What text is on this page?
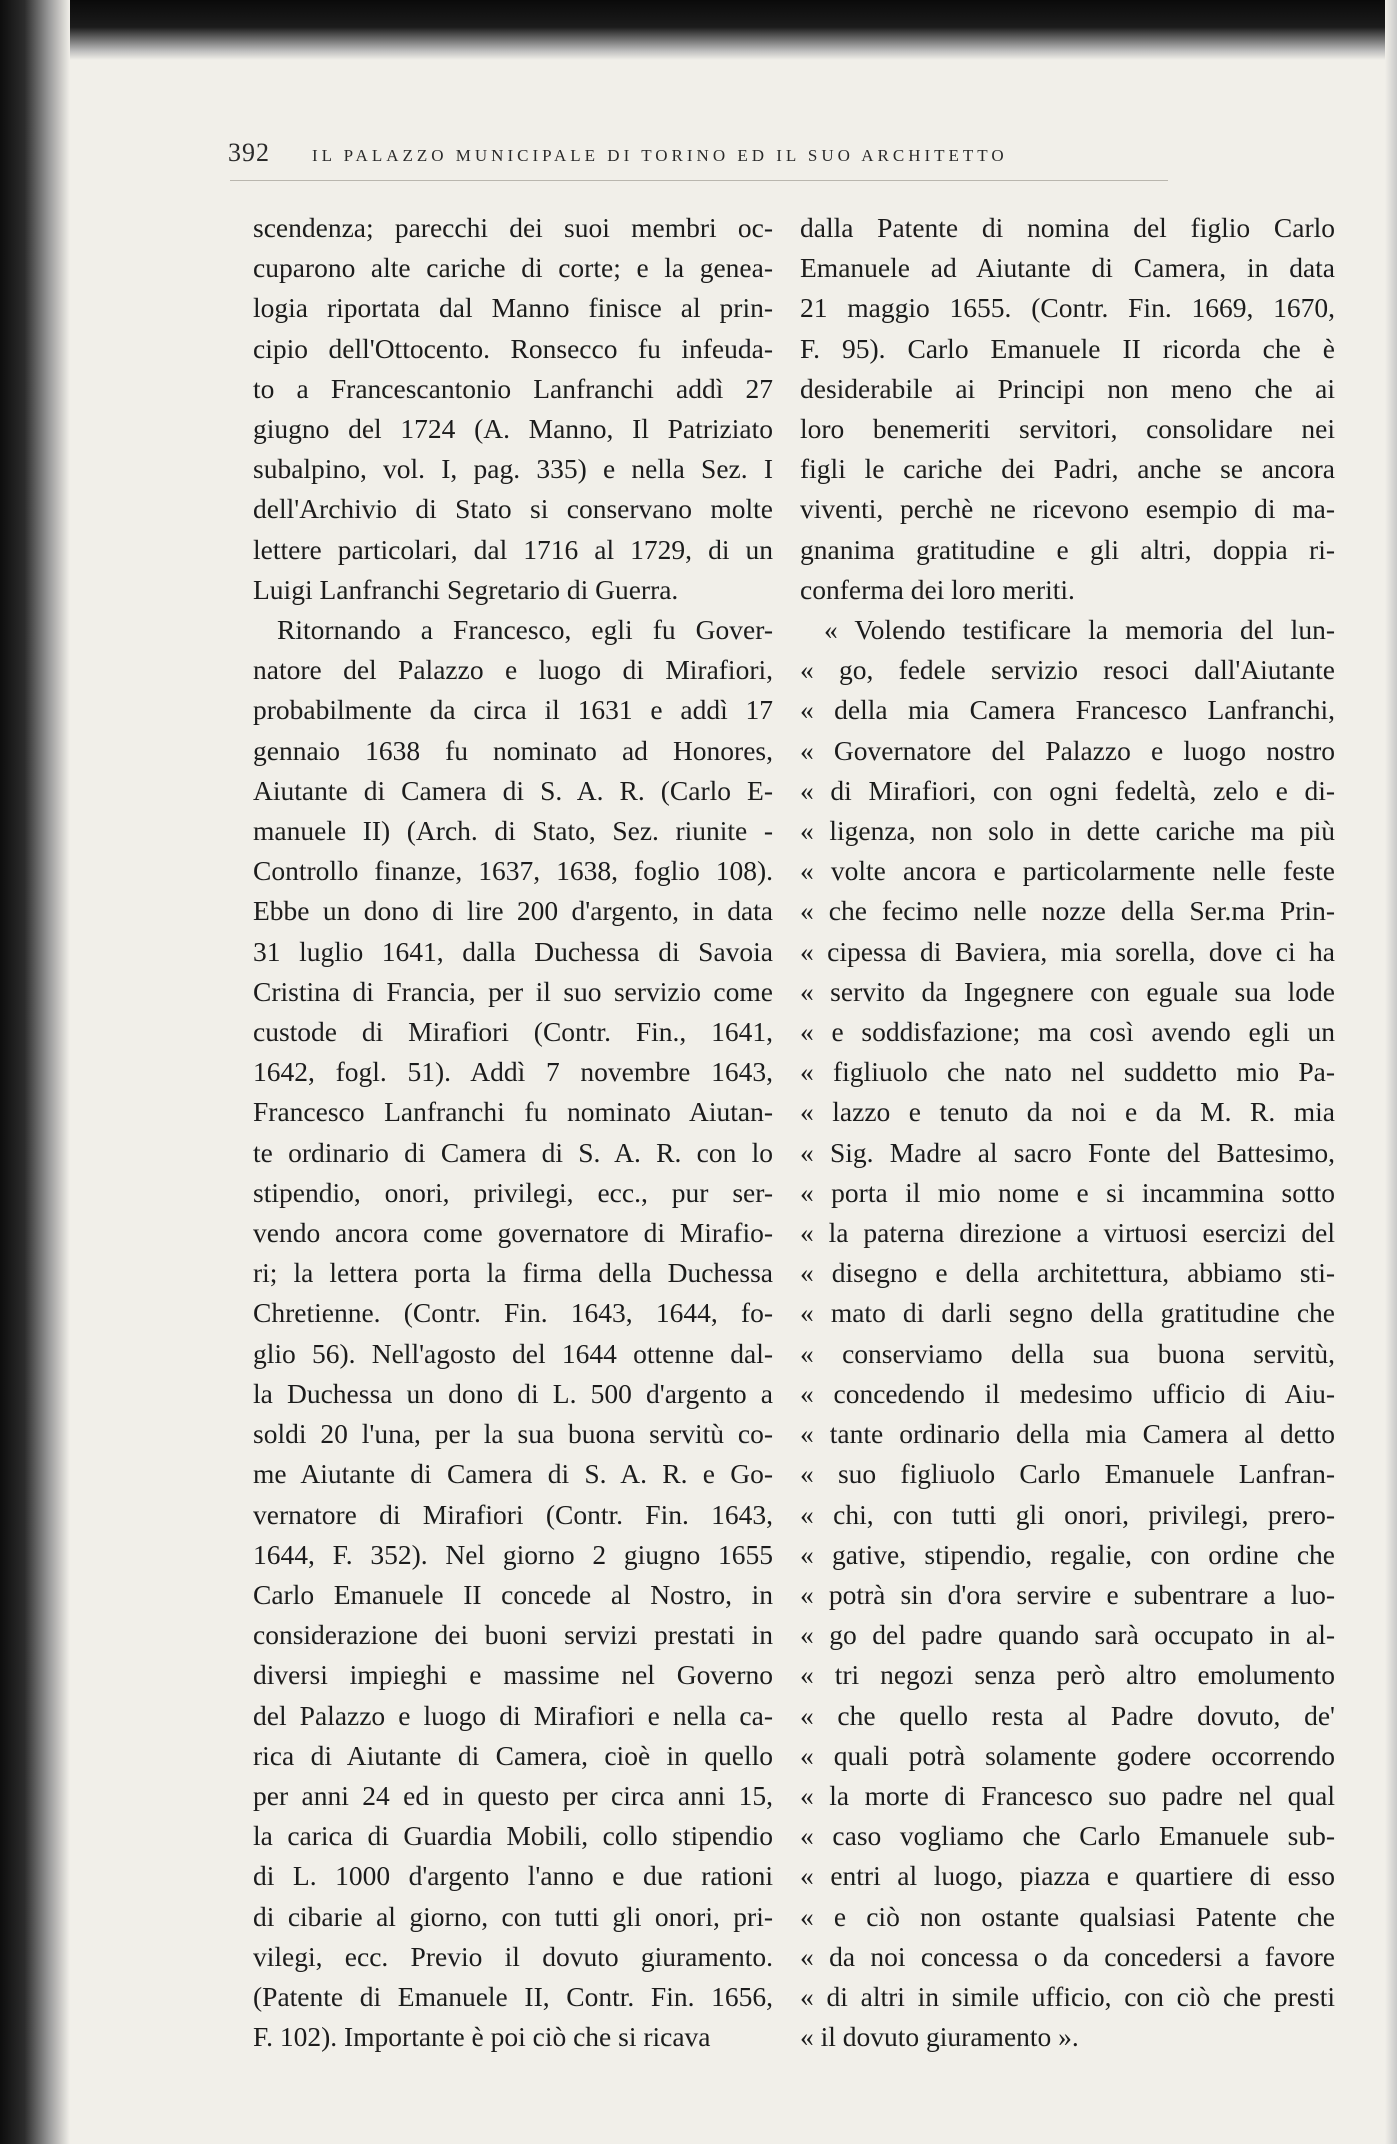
392 IL PALAZZO MUNICIPALE DI TORINO ED IL SUO ARCHITETTO
scendenza; parecchi dei suoi membri oc-
cuparono alte cariche di corte; e la genea-
logia riportata dal Manno finisce al prin-
cipio dell'Ottocento. Ronsecco fu infeuda-
to a Francescantonio Lanfranchi addì 27
giugno del 1724 (A. Manno, Il Patriziato
subalpino, vol. I, pag. 335) e nella Sez. I
dell'Archivio di Stato si conservano molte
lettere particolari, dal 1716 al 1729, di un
Luigi Lanfranchi Segretario di Guerra.
Ritornando a Francesco, egli fu Gover-
natore del Palazzo e luogo di Mirafiori,
probabilmente da circa il 1631 e addì 17
gennaio 1638 fu nominato ad Honores,
Aiutante di Camera di S. A. R. (Carlo E-
manuele II) (Arch. di Stato, Sez. riunite -
Controllo finanze, 1637, 1638, foglio 108).
Ebbe un dono di lire 200 d'argento, in data
31 luglio 1641, dalla Duchessa di Savoia
Cristina di Francia, per il suo servizio come
custode di Mirafiori (Contr. Fin., 1641,
1642, fogl. 51). Addì 7 novembre 1643,
Francesco Lanfranchi fu nominato Aiutan-
te ordinario di Camera di S. A. R. con lo
stipendio, onori, privilegi, ecc., pur ser-
vendo ancora come governatore di Mirafio-
ri; la lettera porta la firma della Duchessa
Chretienne. (Contr. Fin. 1643, 1644, fo-
glio 56). Nell'agosto del 1644 ottenne dal-
la Duchessa un dono di L. 500 d'argento a
soldi 20 l'una, per la sua buona servitù co-
me Aiutante di Camera di S. A. R. e Go-
vernatore di Mirafiori (Contr. Fin. 1643,
1644, F. 352). Nel giorno 2 giugno 1655
Carlo Emanuele II concede al Nostro, in
considerazione dei buoni servizi prestati in
diversi impieghi e massime nel Governo
del Palazzo e luogo di Mirafiori e nella ca-
rica di Aiutante di Camera, cioè in quello
per anni 24 ed in questo per circa anni 15,
la carica di Guardia Mobili, collo stipendio
di L. 1000 d'argento l'anno e due rationi
di cibarie al giorno, con tutti gli onori, pri-
vilegi, ecc. Previo il dovuto giuramento.
(Patente di Emanuele II, Contr. Fin. 1656,
F. 102). Importante è poi ciò che si ricava
dalla Patente di nomina del figlio Carlo
Emanuele ad Aiutante di Camera, in data
21 maggio 1655. (Contr. Fin. 1669, 1670,
F. 95). Carlo Emanuele II ricorda che è
desiderabile ai Principi non meno che ai
loro benemeriti servitori, consolidare nei
figli le cariche dei Padri, anche se ancora
viventi, perchè ne ricevono esempio di ma-
gnanima gratitudine e gli altri, doppia ri-
conferma dei loro meriti.
« Volendo testificare la memoria del lun-
« go, fedele servizio resoci dall'Aiutante
« della mia Camera Francesco Lanfranchi,
« Governatore del Palazzo e luogo nostro
« di Mirafiori, con ogni fedeltà, zelo e di-
« ligenza, non solo in dette cariche ma più
« volte ancora e particolarmente nelle feste
« che fecimo nelle nozze della Ser.ma Prin-
« cipessa di Baviera, mia sorella, dove ci ha
« servito da Ingegnere con eguale sua lode
« e soddisfazione; ma così avendo egli un
« figliuolo che nato nel suddetto mio Pa-
« lazzo e tenuto da noi e da M. R. mia
« Sig. Madre al sacro Fonte del Battesimo,
« porta il mio nome e si incammina sotto
« la paterna direzione a virtuosi esercizi del
« disegno e della architettura, abbiamo sti-
« mato di darli segno della gratitudine che
« conserviamo della sua buona servitù,
« concedendo il medesimo ufficio di Aiu-
« tante ordinario della mia Camera al detto
« suo figliuolo Carlo Emanuele Lanfran-
« chi, con tutti gli onori, privilegi, prero-
« gative, stipendio, regalie, con ordine che
« potrà sin d'ora servire e subentrare a luo-
« go del padre quando sarà occupato in al-
« tri negozi senza però altro emolumento
« che quello resta al Padre dovuto, de'
« quali potrà solamente godere occorrendo
« la morte di Francesco suo padre nel qual
« caso vogliamo che Carlo Emanuele sub-
« entri al luogo, piazza e quartiere di esso
« e ciò non ostante qualsiasi Patente che
« da noi concessa o da concedersi a favore
« di altri in simile ufficio, con ciò che presti
« il dovuto giuramento ».
